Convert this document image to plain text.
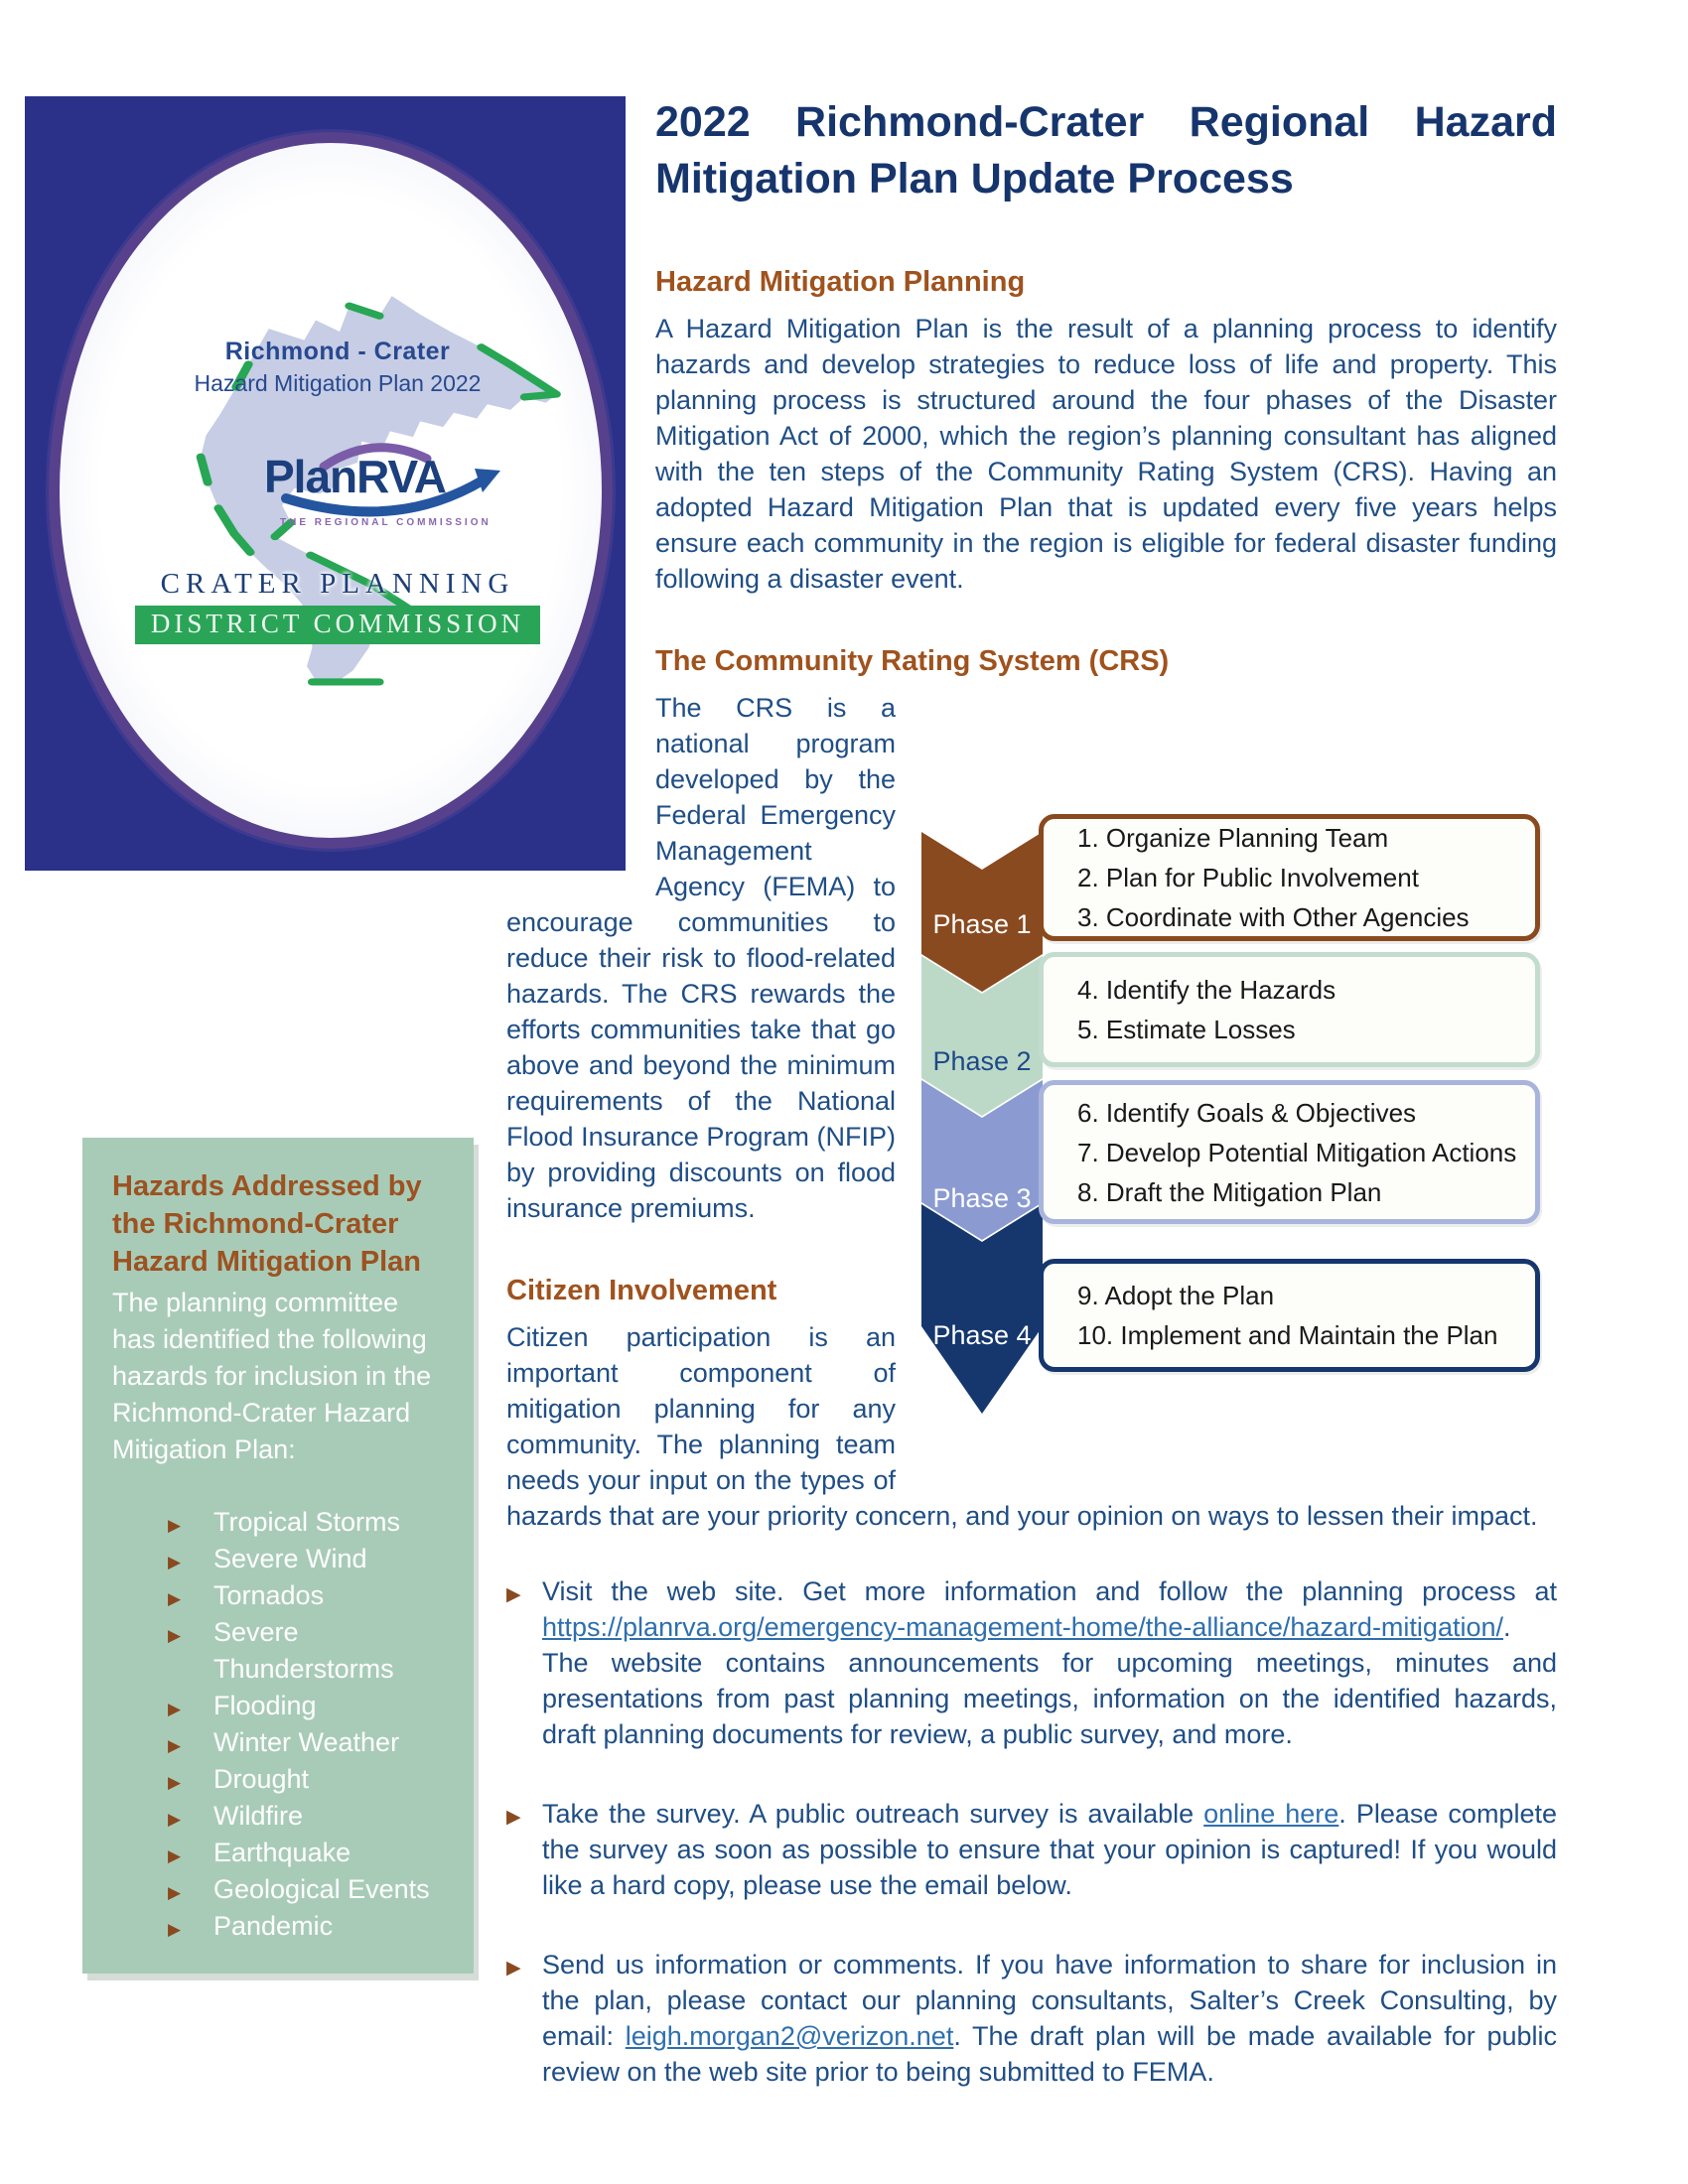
Richmond - Crater
Hazard Mitigation Plan 2022
PlanRVA
THE REGIONAL COMMISSION
CRATER PLANNING
DISTRICT COMMISSION
Hazards Addressed by the Richmond-Crater Hazard Mitigation Plan

The planning committee has identified the following hazards for inclusion in the Richmond-Crater Hazard Mitigation Plan:

▶ Tropical Storms
▶ Severe Wind
▶ Tornados
▶ Severe Thunderstorms
▶ Flooding
▶ Winter Weather
▶ Drought
▶ Wildfire
▶ Earthquake
▶ Geological Events
▶ Pandemic
2022 Richmond-Crater Regional Hazard
Mitigation Plan Update Process
Hazard Mitigation Planning

A Hazard Mitigation Plan is the result of a planning process to identify hazards and develop strategies to reduce loss of life and property. This planning process is structured around the four phases of the Disaster Mitigation Act of 2000, which the region’s planning consultant has aligned with the ten steps of the Community Rating System (CRS). Having an adopted Hazard Mitigation Plan that is updated every five years helps ensure each community in the region is eligible for federal disaster funding following a disaster event.

The Community Rating System (CRS)
Phase 1
1. Organize Planning Team
2. Plan for Public Involvement
3. Coordinate with Other Agencies
Phase 2
4. Identify the Hazards
5. Estimate Losses
Phase 3
6. Identify Goals & Objectives
7. Develop Potential Mitigation Actions
8. Draft the Mitigation Plan
Phase 4
9. Adopt the Plan
10. Implement and Maintain the Plan

The CRS is a national program developed by the Federal Emergency Management Agency (FEMA) to encourage communities to reduce their risk to flood-related hazards. The CRS rewards the efforts communities take that go above and beyond the minimum requirements of the National Flood Insurance Program (NFIP) by providing discounts on flood insurance premiums.

Citizen Involvement

Citizen participation is an important component of mitigation planning for any community. The planning team needs your input on the types of hazards that are your priority concern, and your opinion on ways to lessen their impact.

▶ Visit the web site. Get more information and follow the planning process at https://planrva.org/emergency-management-home/the-alliance/hazard-mitigation/. The website contains announcements for upcoming meetings, minutes and presentations from past planning meetings, information on the identified hazards, draft planning documents for review, a public survey, and more.
▶ Take the survey. A public outreach survey is available online here. Please complete the survey as soon as possible to ensure that your opinion is captured! If you would like a hard copy, please use the email below.
▶ Send us information or comments. If you have information to share for inclusion in the plan, please contact our planning consultants, Salter’s Creek Consulting, by email: leigh.morgan2@verizon.net. The draft plan will be made available for public review on the web site prior to being submitted to FEMA.
